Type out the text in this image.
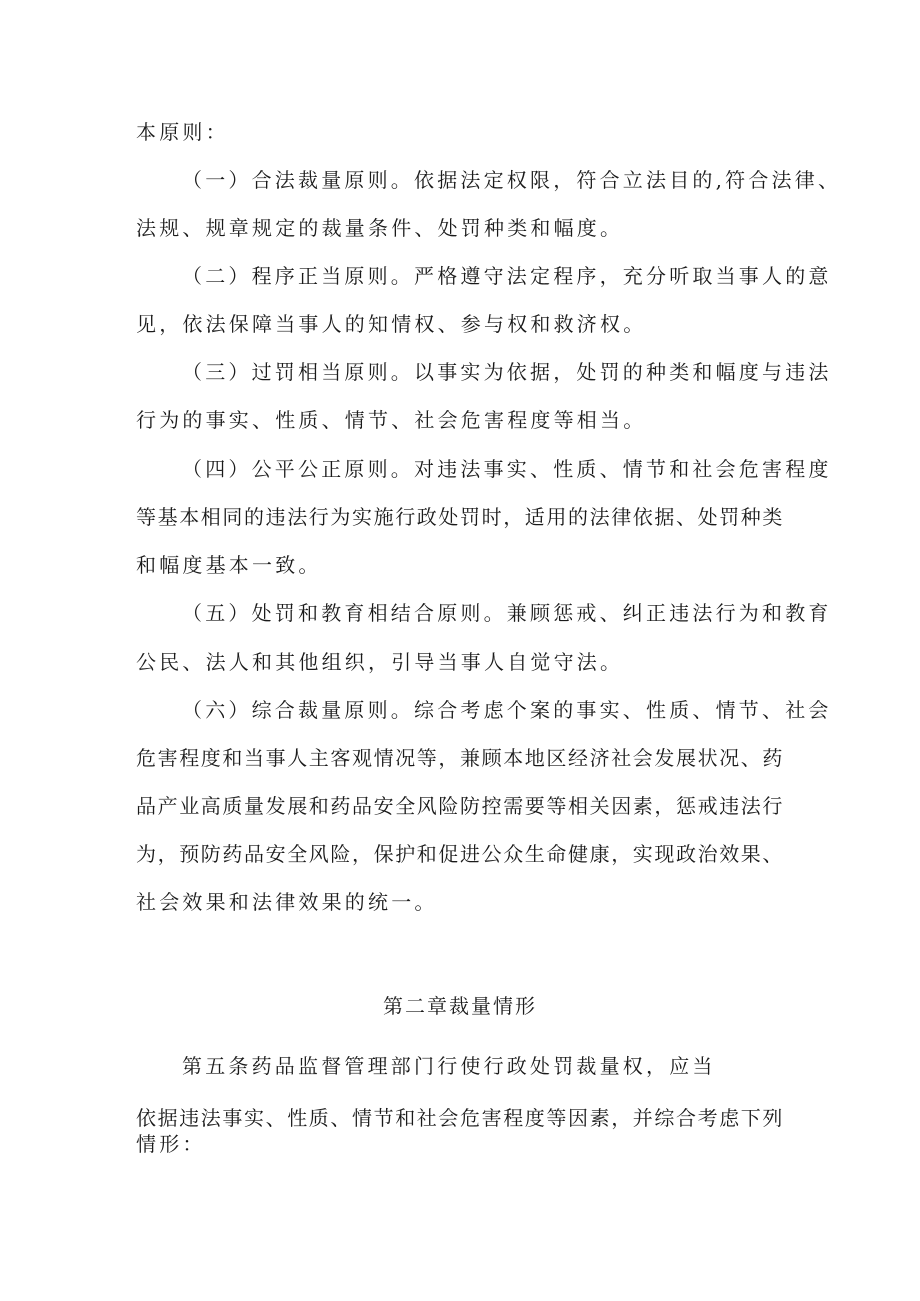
本原则：
（一）合法裁量原则。依据法定权限，符合立法目的,符合法律、
法规、规章规定的裁量条件、处罚种类和幅度。
（二）程序正当原则。严格遵守法定程序，充分听取当事人的意
见，依法保障当事人的知情权、参与权和救济权。
（三）过罚相当原则。以事实为依据，处罚的种类和幅度与违法
行为的事实、性质、情节、社会危害程度等相当。
（四）公平公正原则。对违法事实、性质、情节和社会危害程度
等基本相同的违法行为实施行政处罚时，适用的法律依据、处罚种类
和幅度基本一致。
（五）处罚和教育相结合原则。兼顾惩戒、纠正违法行为和教育
公民、法人和其他组织，引导当事人自觉守法。
（六）综合裁量原则。综合考虑个案的事实、性质、情节、社会
危害程度和当事人主客观情况等，兼顾本地区经济社会发展状况、药
品产业高质量发展和药品安全风险防控需要等相关因素，惩戒违法行
为，预防药品安全风险，保护和促进公众生命健康，实现政治效果、
社会效果和法律效果的统一。
第二章裁量情形
第五条药品监督管理部门行使行政处罚裁量权，应当
依据违法事实、性质、情节和社会危害程度等因素，并综合考虑下列
情形：
